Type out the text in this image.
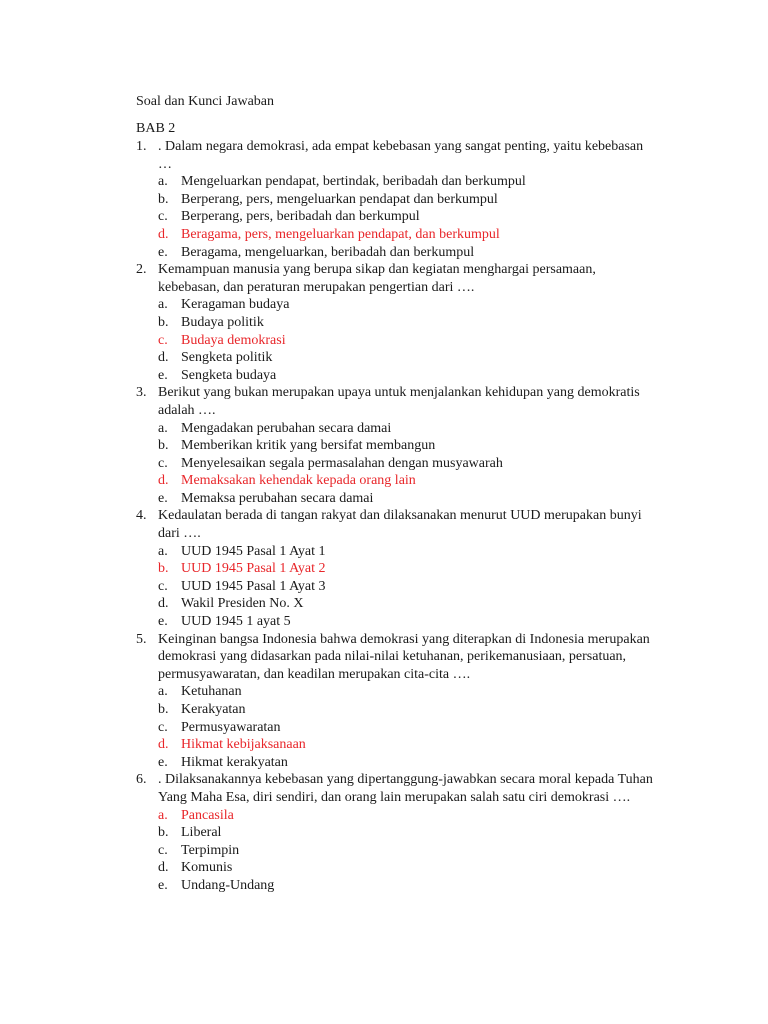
Soal dan Kunci Jawaban
BAB 2
1. . Dalam negara demokrasi, ada empat kebebasan yang sangat penting, yaitu kebebasan …
a. Mengeluarkan pendapat, bertindak, beribadah dan berkumpul
b. Berperang, pers, mengeluarkan pendapat dan berkumpul
c. Berperang, pers, beribadah dan berkumpul
d. Beragama, pers, mengeluarkan pendapat, dan berkumpul
e. Beragama, mengeluarkan, beribadah dan berkumpul
2. Kemampuan manusia yang berupa sikap dan kegiatan menghargai persamaan, kebebasan, dan peraturan merupakan pengertian dari ….
a. Keragaman budaya
b. Budaya politik
c. Budaya demokrasi
d. Sengketa politik
e. Sengketa budaya
3. Berikut yang bukan merupakan upaya untuk menjalankan kehidupan yang demokratis adalah ….
a. Mengadakan perubahan secara damai
b. Memberikan kritik yang bersifat membangun
c. Menyelesaikan segala permasalahan dengan musyawarah
d. Memaksakan kehendak kepada orang lain
e. Memaksa perubahan secara damai
4. Kedaulatan berada di tangan rakyat dan dilaksanakan menurut UUD merupakan bunyi dari ….
a. UUD 1945 Pasal 1 Ayat 1
b. UUD 1945 Pasal 1 Ayat 2
c. UUD 1945 Pasal 1 Ayat 3
d. Wakil Presiden No. X
e. UUD 1945 1 ayat 5
5. Keinginan bangsa Indonesia bahwa demokrasi yang diterapkan di Indonesia merupakan demokrasi yang didasarkan pada nilai-nilai ketuhanan, perikemanusiaan, persatuan, permusyawaratan, dan keadilan merupakan cita-cita ….
a. Ketuhanan
b. Kerakyatan
c. Permusyawaratan
d. Hikmat kebijaksanaan
e. Hikmat kerakyatan
6. . Dilaksanakannya kebebasan yang dipertanggung-jawabkan secara moral kepada Tuhan Yang Maha Esa, diri sendiri, dan orang lain merupakan salah satu ciri demokrasi ….
a. Pancasila
b. Liberal
c. Terpimpin
d. Komunis
e. Undang-Undang
